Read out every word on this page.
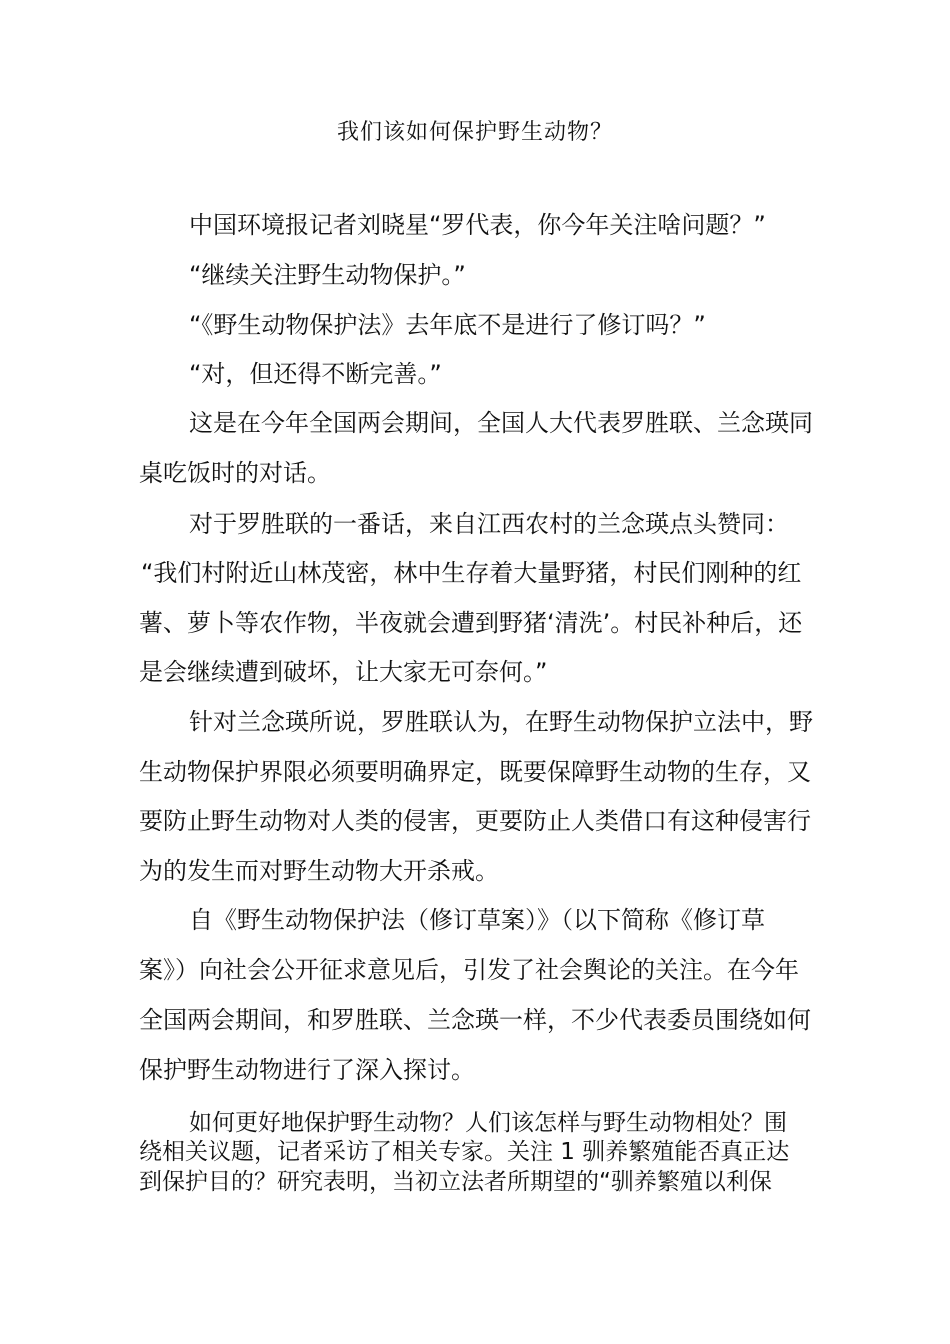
我们该如何保护野生动物？
中国环境报记者刘晓星“罗代表，你今年关注啥问题？”
“继续关注野生动物保护。”
“《野生动物保护法》去年底不是进行了修订吗？”
“对，但还得不断完善。”
这是在今年全国两会期间，全国人大代表罗胜联、兰念瑛同
桌吃饭时的对话。
对于罗胜联的一番话，来自江西农村的兰念瑛点头赞同：
“我们村附近山林茂密，林中生存着大量野猪，村民们刚种的红
薯、萝卜等农作物，半夜就会遭到野猪‘清洗’。村民补种后，还
是会继续遭到破坏，让大家无可奈何。”
针对兰念瑛所说，罗胜联认为，在野生动物保护立法中，野
生动物保护界限必须要明确界定，既要保障野生动物的生存，又
要防止野生动物对人类的侵害，更要防止人类借口有这种侵害行
为的发生而对野生动物大开杀戒。
自《野生动物保护法（修订草案）》（以下简称《修订草
案》）向社会公开征求意见后，引发了社会舆论的关注。在今年
全国两会期间，和罗胜联、兰念瑛一样，不少代表委员围绕如何
保护野生动物进行了深入探讨。
如何更好地保护野生动物？人们该怎样与野生动物相处？围
绕相关议题，记者采访了相关专家。关注 1 驯养繁殖能否真正达
到保护目的？研究表明，当初立法者所期望的“驯养繁殖以利保
